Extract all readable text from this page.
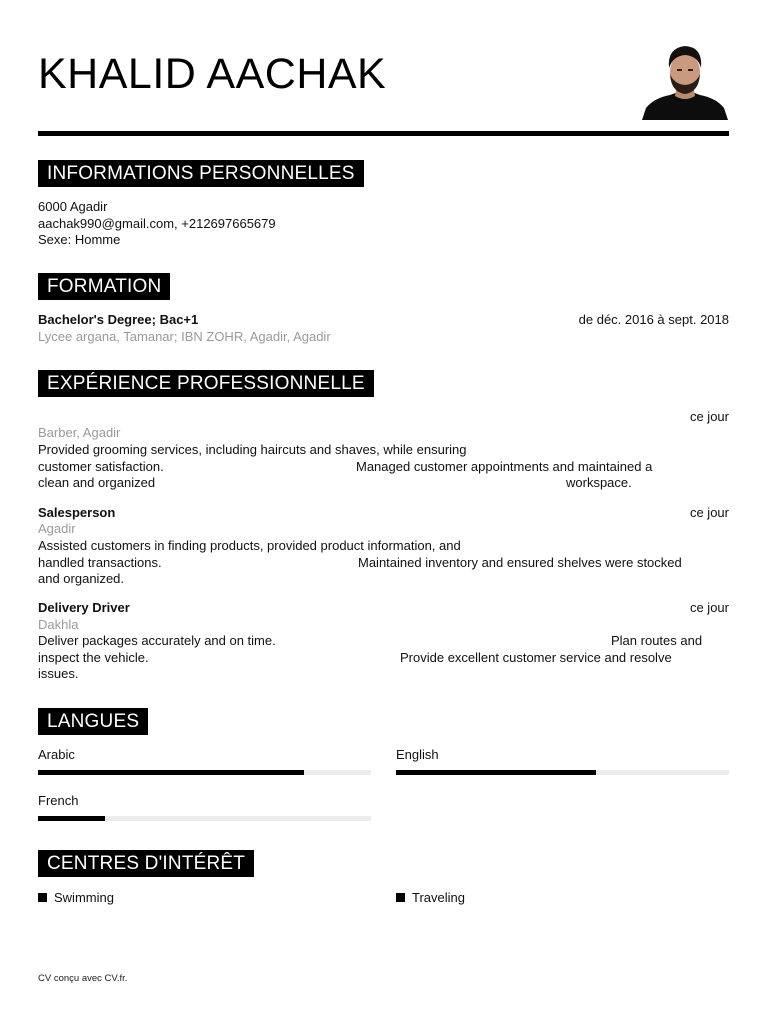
KHALID AACHAK
INFORMATIONS PERSONNELLES
6000 Agadir
aachak990@gmail.com, +212697665679
Sexe: Homme
FORMATION
Bachelor's Degree; Bac+1	de déc. 2016 à sept. 2018
Lycee argana, Tamanar; IBN ZOHR, Agadir, Agadir
EXPÉRIENCE PROFESSIONNELLE
ce jour
Barber, Agadir
Provided grooming services, including haircuts and shaves, while ensuring
customer satisfaction.	Managed customer appointments and maintained a
clean and organized	workspace.
Salesperson	ce jour
Agadir
Assisted customers in finding products, provided product information, and
handled transactions.	Maintained inventory and ensured shelves were stocked
and organized.
Delivery Driver	ce jour
Dakhla
Deliver packages accurately and on time.	Plan routes and
inspect the vehicle.	Provide excellent customer service and resolve
issues.
LANGUES
Arabic	English
French
CENTRES D'INTÉRÊT
Swimming	Traveling
CV conçu avec CV.fr.
